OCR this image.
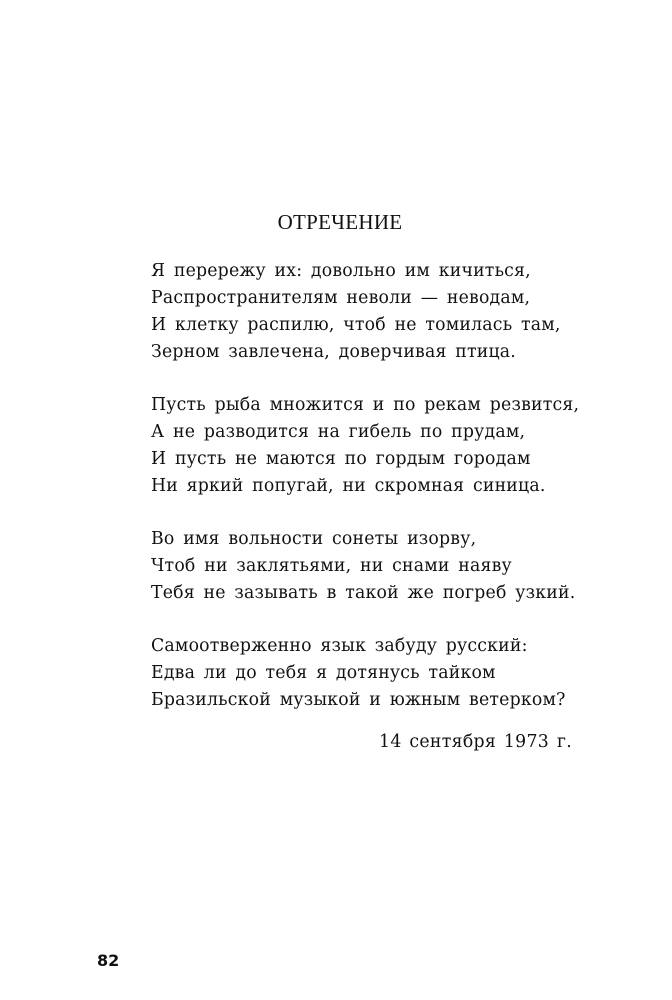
ОТРЕЧЕНИЕ
Я перережу их: довольно им кичиться,
Распространителям неволи — неводам,
И клетку распилю, чтоб не томилась там,
Зерном завлечена, доверчивая птица.
Пусть рыба множится и по рекам резвится,
А не разводится на гибель по прудам,
И пусть не маются по гордым городам
Ни яркий попугай, ни скромная синица.
Во имя вольности сонеты изорву,
Чтоб ни заклятьями, ни снами наяву
Тебя не зазывать в такой же погреб узкий.
Самоотверженно язык забуду русский:
Едва ли до тебя я дотянусь тайком
Бразильской музыкой и южным ветерком?
14 сентября 1973 г.
82
